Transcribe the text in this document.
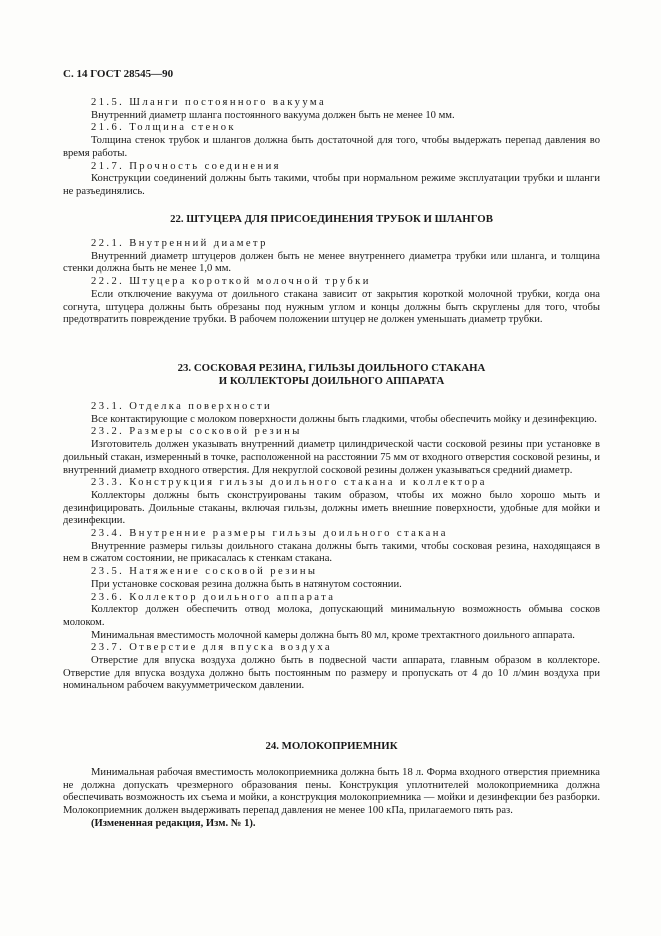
С. 14 ГОСТ 28545—90

21.5. Шланги постоянного вакуума

Внутренний диаметр шланга постоянного вакуума должен быть не менее 10 мм.

21.6. Толщина стенок

Толщина стенок трубок и шлангов должна быть достаточной для того, чтобы выдержать перепад давления во время работы.

21.7. Прочность соединения

Конструкции соединений должны быть такими, чтобы при нормальном режиме эксплуатации трубки и шланги не разъединялись.

22. ШТУЦЕРА ДЛЯ ПРИСОЕДИНЕНИЯ ТРУБОК И ШЛАНГОВ

22.1. Внутренний диаметр

Внутренний диаметр штуцеров должен быть не менее внутреннего диаметра трубки или шланга, и толщина стенки должна быть не менее 1,0 мм.

22.2. Штуцера короткой молочной трубки

Если отключение вакуума от доильного стакана зависит от закрытия короткой молочной трубки, когда она согнута, штуцера должны быть обрезаны под нужным углом и концы должны быть скруглены для того, чтобы предотвратить повреждение трубки. В рабочем положении штуцер не должен уменьшать диаметр трубки.

23. СОСКОВАЯ РЕЗИНА, ГИЛЬЗЫ ДОИЛЬНОГО СТАКАНА

И КОЛЛЕКТОРЫ ДОИЛЬНОГО АППАРАТА

23.1. Отделка поверхности

Все контактирующие с молоком поверхности должны быть гладкими, чтобы обеспечить мойку и дезинфекцию.

23.2. Размеры сосковой резины

Изготовитель должен указывать внутренний диаметр цилиндрической части сосковой резины при установке в доильный стакан, измеренный в точке, расположенной на расстоянии 75 мм от входного отверстия сосковой резины, и внутренний диаметр входного отверстия. Для некруглой сосковой резины должен указываться средний диаметр.

23.3. Конструкция гильзы доильного стакана и коллектора

Коллекторы должны быть сконструированы таким образом, чтобы их можно было хорошо мыть и дезинфицировать. Доильные стаканы, включая гильзы, должны иметь внешние поверхности, удобные для мойки и дезинфекции.

23.4. Внутренние размеры гильзы доильного стакана

Внутренние размеры гильзы доильного стакана должны быть такими, чтобы сосковая резина, находящаяся в нем в сжатом состоянии, не прикасалась к стенкам стакана.

23.5. Натяжение сосковой резины

При установке сосковая резина должна быть в натянутом состоянии.

23.6. Коллектор доильного аппарата

Коллектор должен обеспечить отвод молока, допускающий минимальную возможность обмыва сосков молоком.

Минимальная вместимость молочной камеры должна быть 80 мл, кроме трехтактного доильного аппарата.

23.7. Отверстие для впуска воздуха

Отверстие для впуска воздуха должно быть в подвесной части аппарата, главным образом в коллекторе. Отверстие для впуска воздуха должно быть постоянным по размеру и пропускать от 4 до 10 л/мин воздуха при номинальном рабочем вакуумметрическом давлении.

24. МОЛОКОПРИЕМНИК

Минимальная рабочая вместимость молокоприемника должна быть 18 л. Форма входного отверстия приемника не должна допускать чрезмерного образования пены. Конструкция уплотнителей молокоприемника должна обеспечивать возможность их съема и мойки, а конструкция молокоприемника — мойки и дезинфекции без разборки. Молокоприемник должен выдерживать перепад давления не менее 100 кПа, прилагаемого пять раз.

(Измененная редакция, Изм. № 1).
